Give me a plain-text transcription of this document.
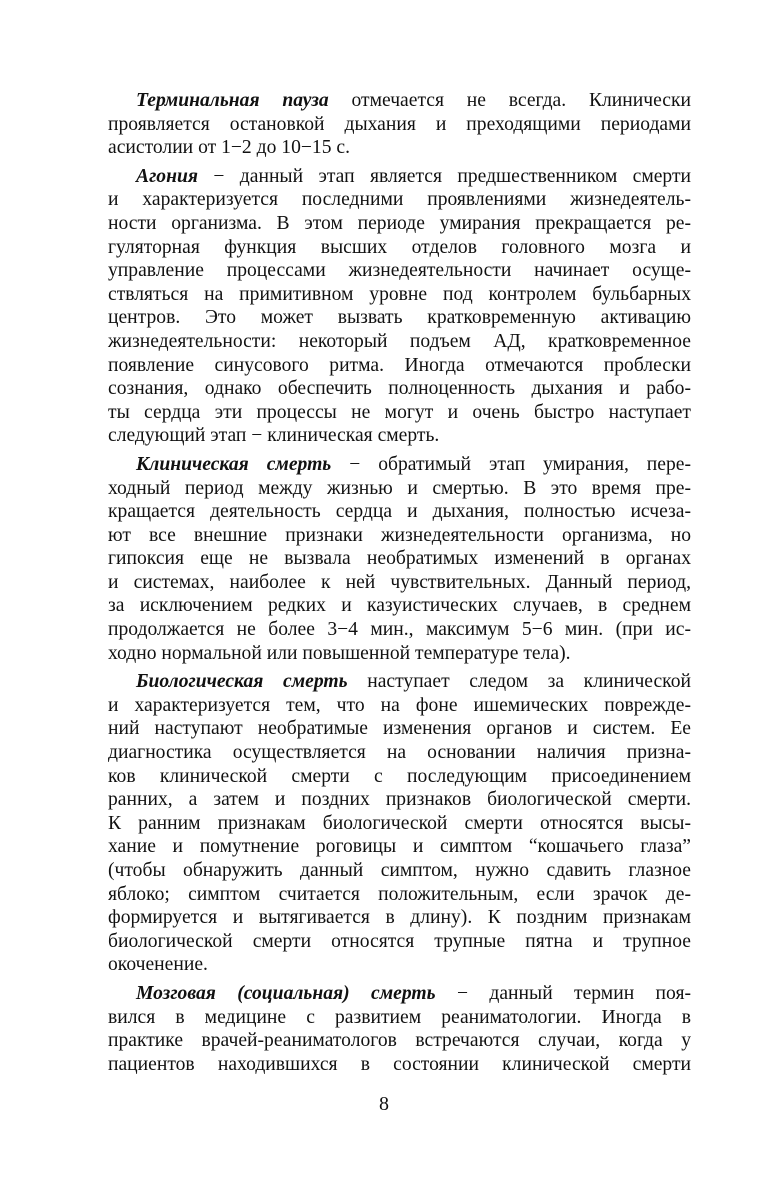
Терминальная пауза отмечается не всегда. Клинически
проявляется остановкой дыхания и преходящими периодами
асистолии от 1−2 до 10−15 с.
Агония − данный этап является предшественником смерти
и характеризуется последними проявлениями жизнедеятель-
ности организма. В этом периоде умирания прекращается ре-
гуляторная функция высших отделов головного мозга и
управление процессами жизнедеятельности начинает осуще-
ствляться на примитивном уровне под контролем бульбарных
центров. Это может вызвать кратковременную активацию
жизнедеятельности: некоторый подъем АД, кратковременное
появление синусового ритма. Иногда отмечаются проблески
сознания, однако обеспечить полноценность дыхания и рабо-
ты сердца эти процессы не могут и очень быстро наступает
следующий этап − клиническая смерть.
Клиническая смерть − обратимый этап умирания, пере-
ходный период между жизнью и смертью. В это время пре-
кращается деятельность сердца и дыхания, полностью исчеза-
ют все внешние признаки жизнедеятельности организма, но
гипоксия еще не вызвала необратимых изменений в органах
и системах, наиболее к ней чувствительных. Данный период,
за исключением редких и казуистических случаев, в среднем
продолжается не более 3−4 мин., максимум 5−6 мин. (при ис-
ходно нормальной или повышенной температуре тела).
Биологическая смерть наступает следом за клинической
и характеризуется тем, что на фоне ишемических поврежде-
ний наступают необратимые изменения органов и систем. Ее
диагностика осуществляется на основании наличия призна-
ков клинической смерти с последующим присоединением
ранних, а затем и поздних признаков биологической смерти.
К ранним признакам биологической смерти относятся высы-
хание и помутнение роговицы и симптом “кошачьего глаза”
(чтобы обнаружить данный симптом, нужно сдавить глазное
яблоко; симптом считается положительным, если зрачок де-
формируется и вытягивается в длину). К поздним признакам
биологической смерти относятся трупные пятна и трупное
окоченение.
Мозговая (социальная) смерть − данный термин поя-
вился в медицине с развитием реаниматологии. Иногда в
практике врачей-реаниматологов встречаются случаи, когда у
пациентов находившихся в состоянии клинической смерти
8
